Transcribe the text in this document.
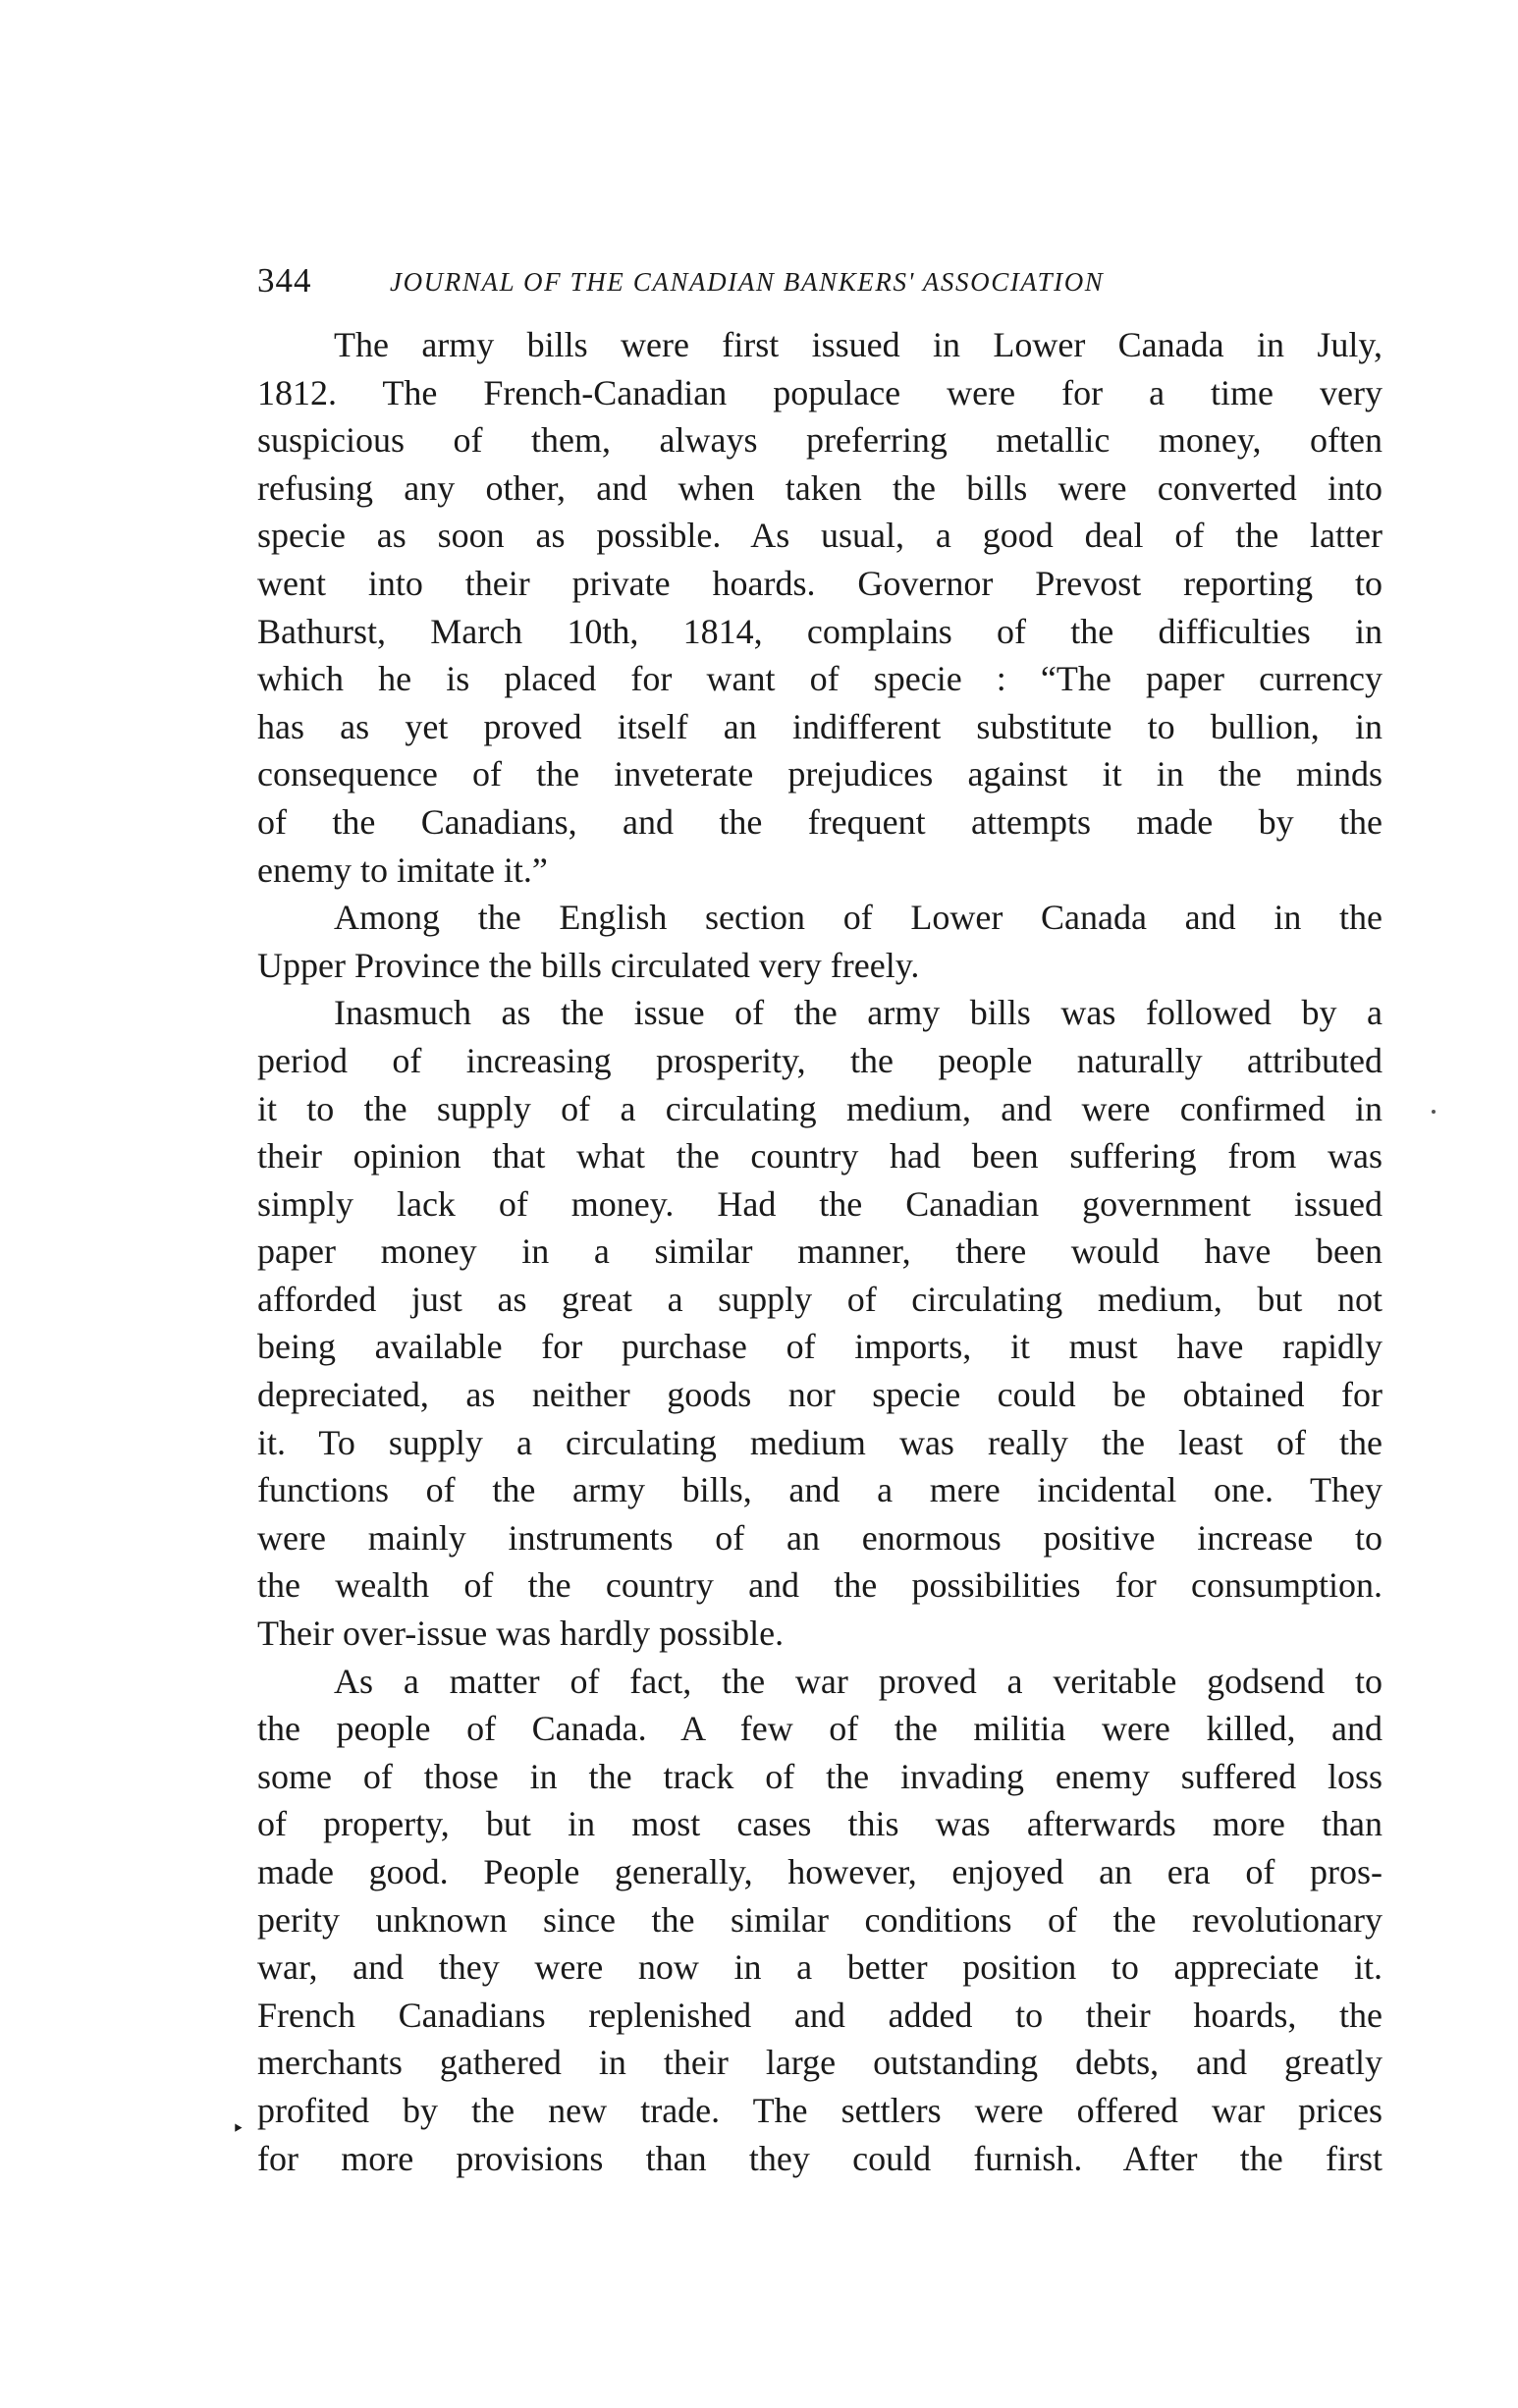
344	JOURNAL OF THE CANADIAN BANKERS' ASSOCIATION
The army bills were first issued in Lower Canada in July,
1812. The French-Canadian populace were for a time very
suspicious of them, always preferring metallic money, often
refusing any other, and when taken the bills were converted into
specie as soon as possible. As usual, a good deal of the latter
went into their private hoards. Governor Prevost reporting to
Bathurst, March 10th, 1814, complains of the difficulties in
which he is placed for want of specie : “The paper currency
has as yet proved itself an indifferent substitute to bullion, in
consequence of the inveterate prejudices against it in the minds
of the Canadians, and the frequent attempts made by the
enemy to imitate it.”
Among the English section of Lower Canada and in the
Upper Province the bills circulated very freely.
Inasmuch as the issue of the army bills was followed by a
period of increasing prosperity, the people naturally attributed
it to the supply of a circulating medium, and were confirmed in
their opinion that what the country had been suffering from was
simply lack of money. Had the Canadian government issued
paper money in a similar manner, there would have been
afforded just as great a supply of circulating medium, but not
being available for purchase of imports, it must have rapidly
depreciated, as neither goods nor specie could be obtained for
it. To supply a circulating medium was really the least of the
functions of the army bills, and a mere incidental one. They
were mainly instruments of an enormous positive increase to
the wealth of the country and the possibilities for consumption.
Their over-issue was hardly possible.
As a matter of fact, the war proved a veritable godsend to
the people of Canada. A few of the militia were killed, and
some of those in the track of the invading enemy suffered loss
of property, but in most cases this was afterwards more than
made good. People generally, however, enjoyed an era of pros-
perity unknown since the similar conditions of the revolutionary
war, and they were now in a better position to appreciate it.
French Canadians replenished and added to their hoards, the
merchants gathered in their large outstanding debts, and greatly
profited by the new trade. The settlers were offered war prices
for more provisions than they could furnish. After the first
‣
